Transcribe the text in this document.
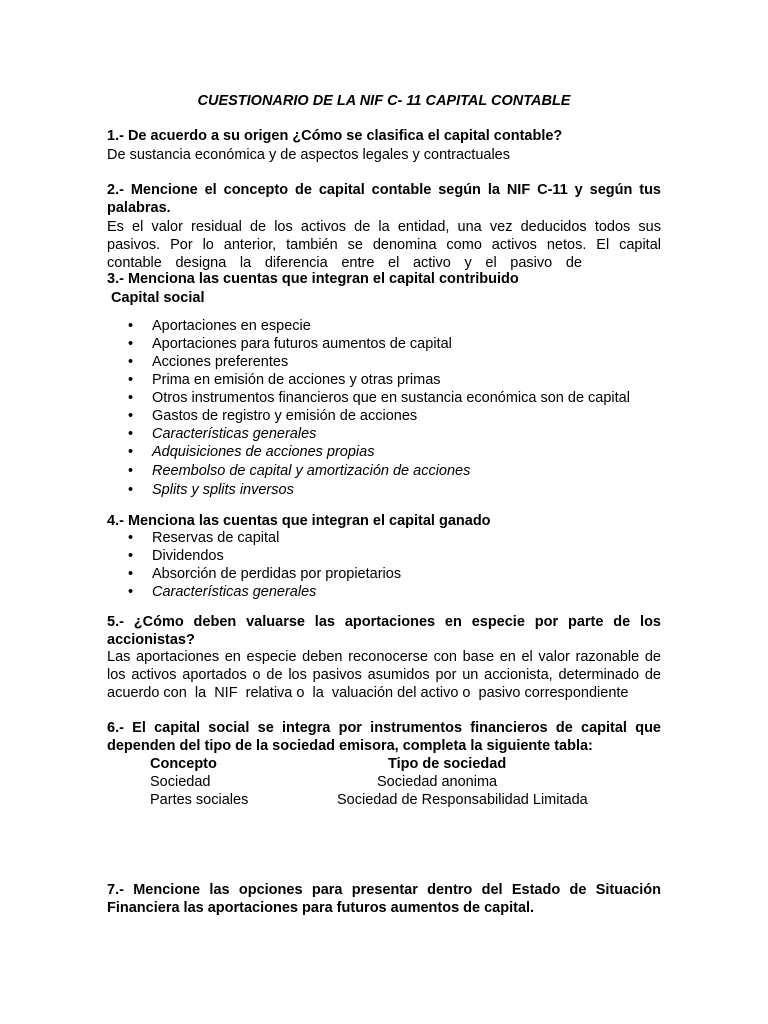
CUESTIONARIO DE LA NIF C- 11 CAPITAL CONTABLE
1.- De acuerdo a su origen ¿Cómo se clasifica el capital contable?
De sustancia económica y de aspectos legales y contractuales
2.- Mencione el concepto de capital contable según la NIF C-11 y según tus
palabras.
Es el valor residual de los activos de la entidad, una vez deducidos todos sus
pasivos. Por lo anterior, también se denomina como activos netos. El capital
contable designa la diferencia entre el activo y el pasivo de
3.- Menciona las cuentas que integran el capital contribuido
Capital social
• Aportaciones en especie
• Aportaciones para futuros aumentos de capital
• Acciones preferentes
• Prima en emisión de acciones y otras primas
• Otros instrumentos financieros que en sustancia económica son de capital
• Gastos de registro y emisión de acciones
• Características generales
• Adquisiciones de acciones propias
• Reembolso de capital y amortización de acciones
• Splits y splits inversos
4.- Menciona las cuentas que integran el capital ganado
• Reservas de capital
• Dividendos
• Absorción de perdidas por propietarios
• Características generales
5.- ¿Cómo deben valuarse las aportaciones en especie por parte de los
accionistas?
Las aportaciones en especie deben reconocerse con base en el valor razonable de
los activos aportados o de los pasivos asumidos por un accionista, determinado de
acuerdo con  la  NIF  relativa o  la  valuación del activo o  pasivo correspondiente
6.- El capital social se integra por instrumentos financieros de capital que
dependen del tipo de la sociedad emisora, completa la siguiente tabla:
Concepto	Tipo de sociedad
Sociedad	Sociedad anonima
Partes sociales	Sociedad de Responsabilidad Limitada
7.- Mencione las opciones para presentar dentro del Estado de Situación
Financiera las aportaciones para futuros aumentos de capital.
